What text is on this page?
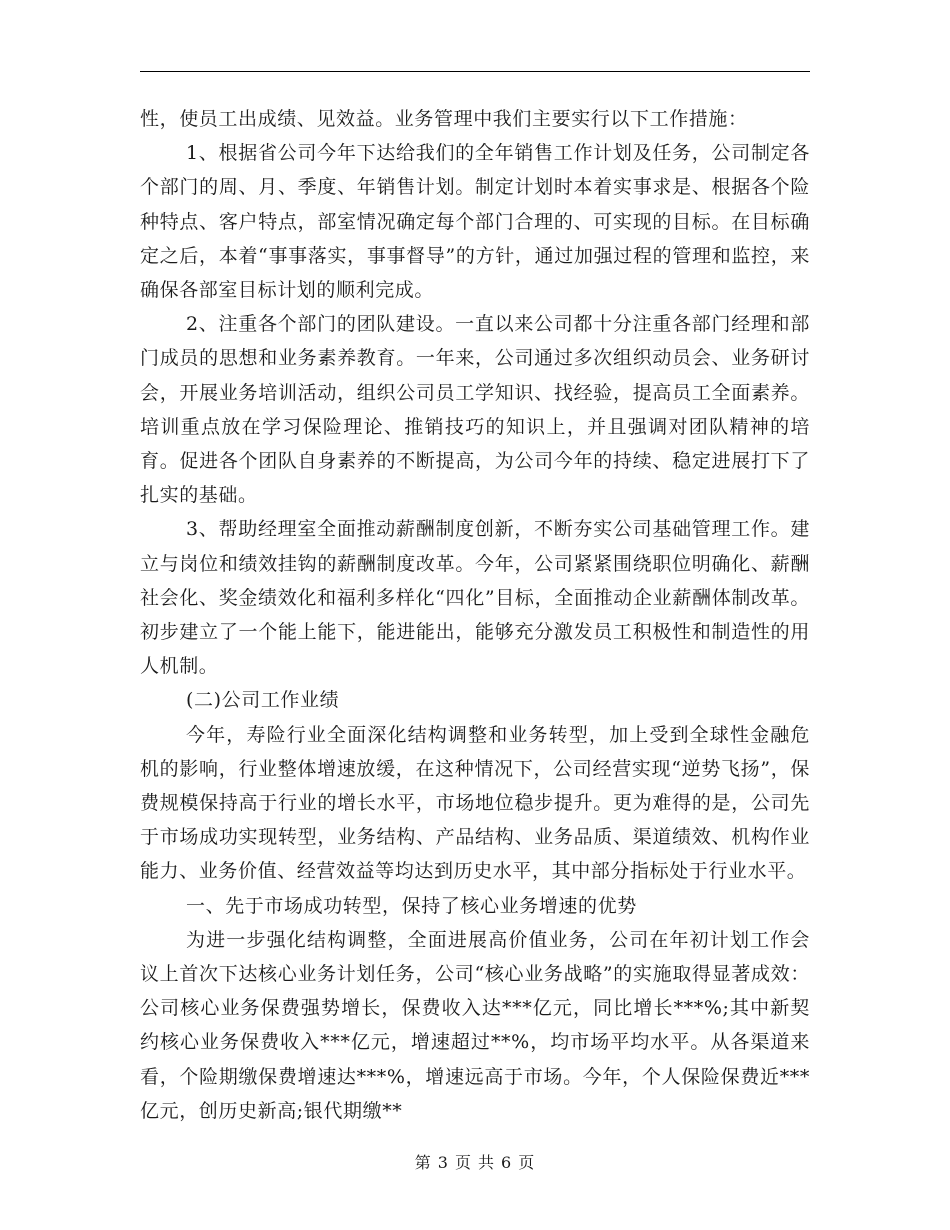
性，使员工出成绩、见效益。业务管理中我们主要实行以下工作措施：

1、根据省公司今年下达给我们的全年销售工作计划及任务，公司制定各个部门的周、月、季度、年销售计划。制定计划时本着实事求是、根据各个险种特点、客户特点，部室情况确定每个部门合理的、可实现的目标。在目标确定之后，本着“事事落实，事事督导”的方针，通过加强过程的管理和监控，来确保各部室目标计划的顺利完成。

2、注重各个部门的团队建设。一直以来公司都十分注重各部门经理和部门成员的思想和业务素养教育。一年来，公司通过多次组织动员会、业务研讨会，开展业务培训活动，组织公司员工学知识、找经验，提高员工全面素养。培训重点放在学习保险理论、推销技巧的知识上，并且强调对团队精神的培育。促进各个团队自身素养的不断提高，为公司今年的持续、稳定进展打下了扎实的基础。

3、帮助经理室全面推动薪酬制度创新，不断夯实公司基础管理工作。建立与岗位和绩效挂钩的薪酬制度改革。今年，公司紧紧围绕职位明确化、薪酬社会化、奖金绩效化和福利多样化“四化”目标，全面推动企业薪酬体制改革。初步建立了一个能上能下，能进能出，能够充分激发员工积极性和制造性的用人机制。

(二)公司工作业绩

今年，寿险行业全面深化结构调整和业务转型，加上受到全球性金融危机的影响，行业整体增速放缓，在这种情况下，公司经营实现“逆势飞扬”，保费规模保持高于行业的增长水平，市场地位稳步提升。更为难得的是，公司先于市场成功实现转型，业务结构、产品结构、业务品质、渠道绩效、机构作业能力、业务价值、经营效益等均达到历史水平，其中部分指标处于行业水平。

一、先于市场成功转型，保持了核心业务增速的优势

为进一步强化结构调整，全面进展高价值业务，公司在年初计划工作会议上首次下达核心业务计划任务，公司“核心业务战略”的实施取得显著成效：公司核心业务保费强势增长，保费收入达***亿元，同比增长***%;其中新契约核心业务保费收入***亿元，增速超过**%，均市场平均水平。从各渠道来看，个险期缴保费增速达***%，增速远高于市场。今年，个人保险保费近***亿元，创历史新高;银代期缴**

第 3 页 共 6 页
